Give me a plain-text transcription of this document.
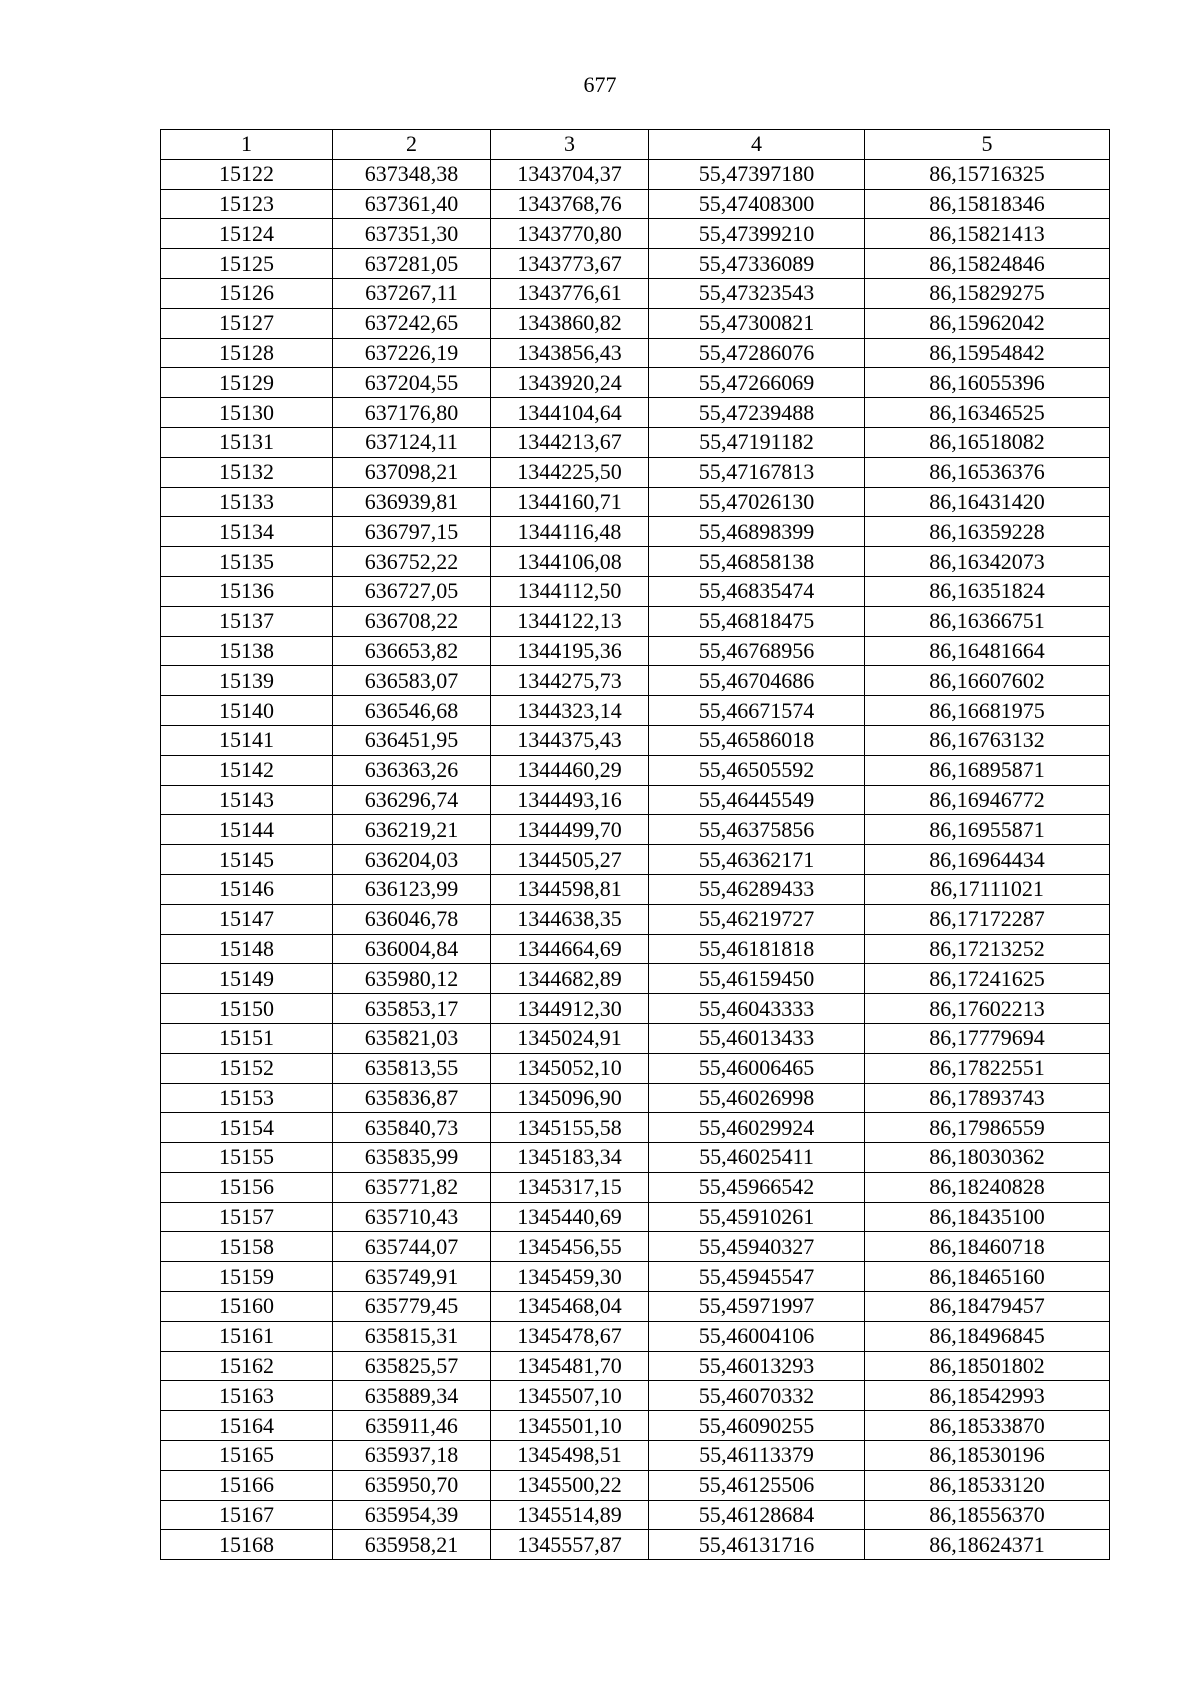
677
1	2	3	4	5
15122	637348,38	1343704,37	55,47397180	86,15716325
15123	637361,40	1343768,76	55,47408300	86,15818346
15124	637351,30	1343770,80	55,47399210	86,15821413
15125	637281,05	1343773,67	55,47336089	86,15824846
15126	637267,11	1343776,61	55,47323543	86,15829275
15127	637242,65	1343860,82	55,47300821	86,15962042
15128	637226,19	1343856,43	55,47286076	86,15954842
15129	637204,55	1343920,24	55,47266069	86,16055396
15130	637176,80	1344104,64	55,47239488	86,16346525
15131	637124,11	1344213,67	55,47191182	86,16518082
15132	637098,21	1344225,50	55,47167813	86,16536376
15133	636939,81	1344160,71	55,47026130	86,16431420
15134	636797,15	1344116,48	55,46898399	86,16359228
15135	636752,22	1344106,08	55,46858138	86,16342073
15136	636727,05	1344112,50	55,46835474	86,16351824
15137	636708,22	1344122,13	55,46818475	86,16366751
15138	636653,82	1344195,36	55,46768956	86,16481664
15139	636583,07	1344275,73	55,46704686	86,16607602
15140	636546,68	1344323,14	55,46671574	86,16681975
15141	636451,95	1344375,43	55,46586018	86,16763132
15142	636363,26	1344460,29	55,46505592	86,16895871
15143	636296,74	1344493,16	55,46445549	86,16946772
15144	636219,21	1344499,70	55,46375856	86,16955871
15145	636204,03	1344505,27	55,46362171	86,16964434
15146	636123,99	1344598,81	55,46289433	86,17111021
15147	636046,78	1344638,35	55,46219727	86,17172287
15148	636004,84	1344664,69	55,46181818	86,17213252
15149	635980,12	1344682,89	55,46159450	86,17241625
15150	635853,17	1344912,30	55,46043333	86,17602213
15151	635821,03	1345024,91	55,46013433	86,17779694
15152	635813,55	1345052,10	55,46006465	86,17822551
15153	635836,87	1345096,90	55,46026998	86,17893743
15154	635840,73	1345155,58	55,46029924	86,17986559
15155	635835,99	1345183,34	55,46025411	86,18030362
15156	635771,82	1345317,15	55,45966542	86,18240828
15157	635710,43	1345440,69	55,45910261	86,18435100
15158	635744,07	1345456,55	55,45940327	86,18460718
15159	635749,91	1345459,30	55,45945547	86,18465160
15160	635779,45	1345468,04	55,45971997	86,18479457
15161	635815,31	1345478,67	55,46004106	86,18496845
15162	635825,57	1345481,70	55,46013293	86,18501802
15163	635889,34	1345507,10	55,46070332	86,18542993
15164	635911,46	1345501,10	55,46090255	86,18533870
15165	635937,18	1345498,51	55,46113379	86,18530196
15166	635950,70	1345500,22	55,46125506	86,18533120
15167	635954,39	1345514,89	55,46128684	86,18556370
15168	635958,21	1345557,87	55,46131716	86,18624371
